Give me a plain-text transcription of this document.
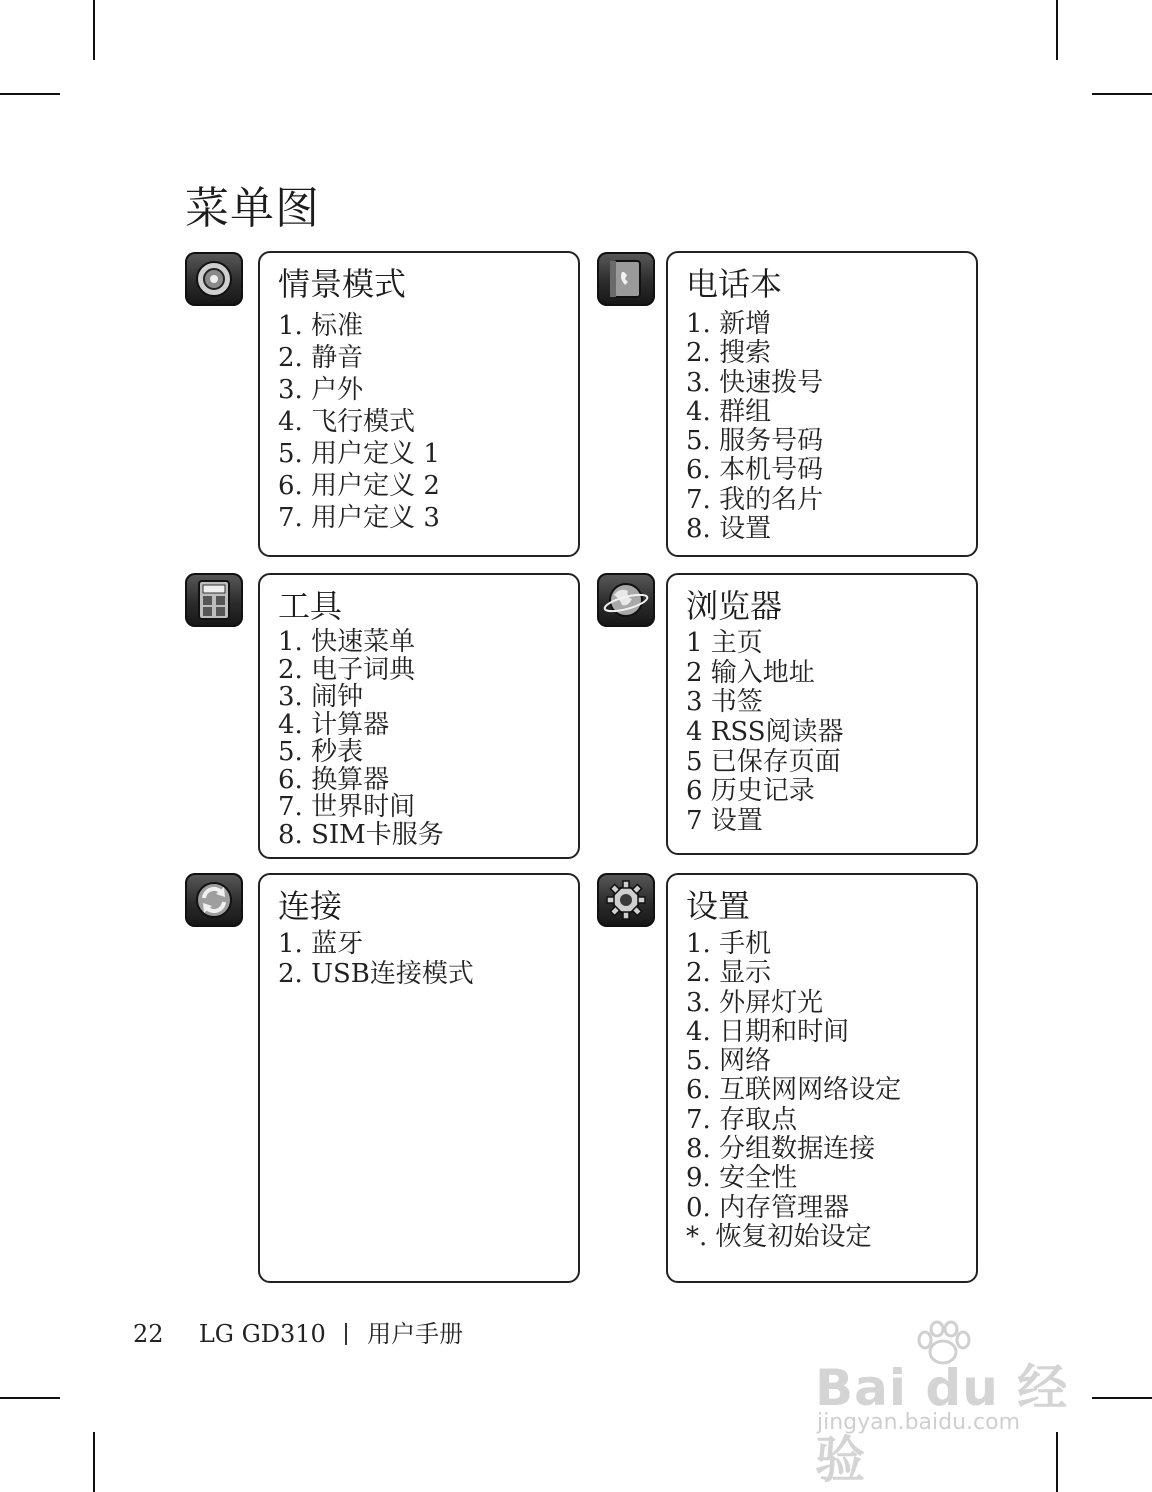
菜单图
情景模式
1. 标准
2. 静音
3. 户外
4. 飞行模式
5. 用户定义 1
6. 用户定义 2
7. 用户定义 3
电话本
1. 新增
2. 搜索
3. 快速拨号
4. 群组
5. 服务号码
6. 本机号码
7. 我的名片
8. 设置
工具
1. 快速菜单
2. 电子词典
3. 闹钟
4. 计算器
5. 秒表
6. 换算器
7. 世界时间
8. SIM卡服务
浏览器
1 主页
2 输入地址
3 书签
4 RSS阅读器
5 已保存页面
6 历史记录
7 设置
连接
1. 蓝牙
2. USB连接模式
设置
1. 手机
2. 显示
3. 外屏灯光
4. 日期和时间
5. 网络
6. 互联网网络设定
7. 存取点
8. 分组数据连接
9. 安全性
0. 内存管理器
*. 恢复初始设定
22 LG GD310 用户手册
Bai du 经验
jingyan.baidu.com
